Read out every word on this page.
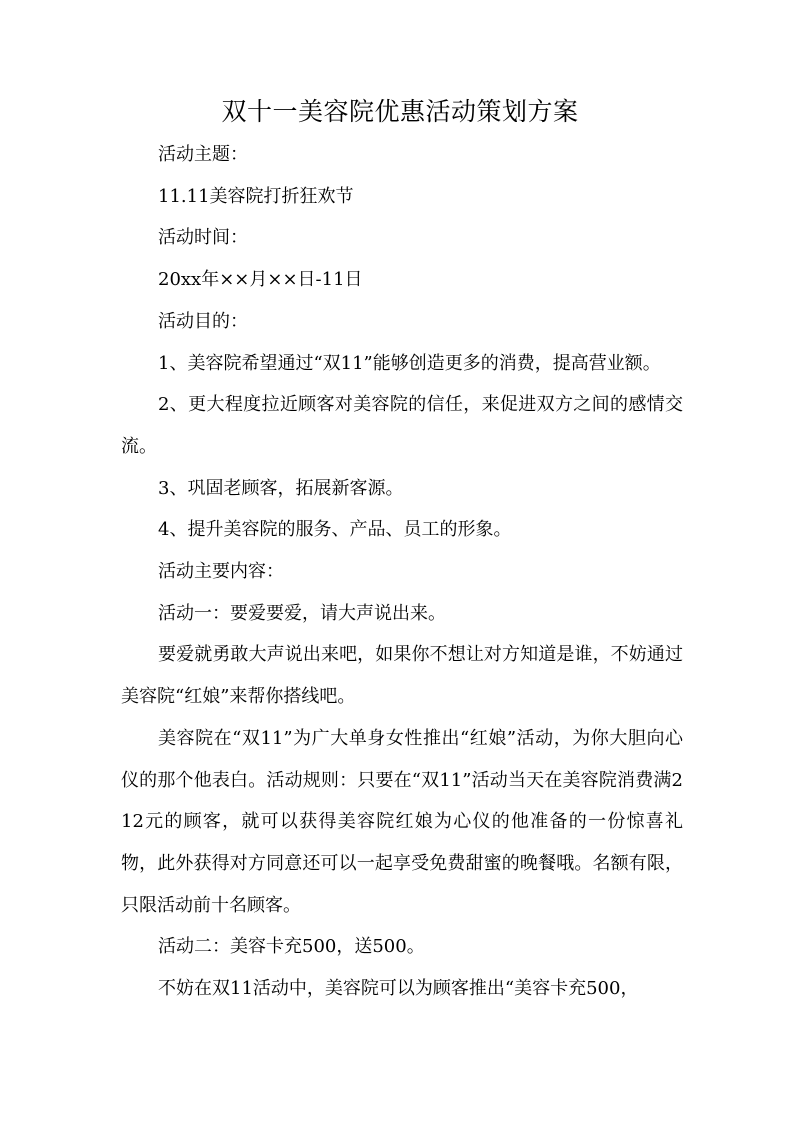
双十一美容院优惠活动策划方案

活动主题：

11.11美容院打折狂欢节

活动时间：

20xx年××月××日-11日

活动目的：

1、美容院希望通过“双11”能够创造更多的消费，提高营业额。

2、更大程度拉近顾客对美容院的信任，来促进双方之间的感情交流。

3、巩固老顾客，拓展新客源。

4、提升美容院的服务、产品、员工的形象。

活动主要内容：

活动一：要爱要爱，请大声说出来。

要爱就勇敢大声说出来吧，如果你不想让对方知道是谁，不妨通过美容院“红娘”来帮你搭线吧。

美容院在“双11”为广大单身女性推出“红娘”活动，为你大胆向心仪的那个他表白。活动规则：只要在“双11”活动当天在美容院消费满212元的顾客，就可以获得美容院红娘为心仪的他准备的一份惊喜礼物，此外获得对方同意还可以一起享受免费甜蜜的晚餐哦。名额有限，只限活动前十名顾客。

活动二：美容卡充500，送500。

不妨在双11活动中，美容院可以为顾客推出“美容卡充500，
